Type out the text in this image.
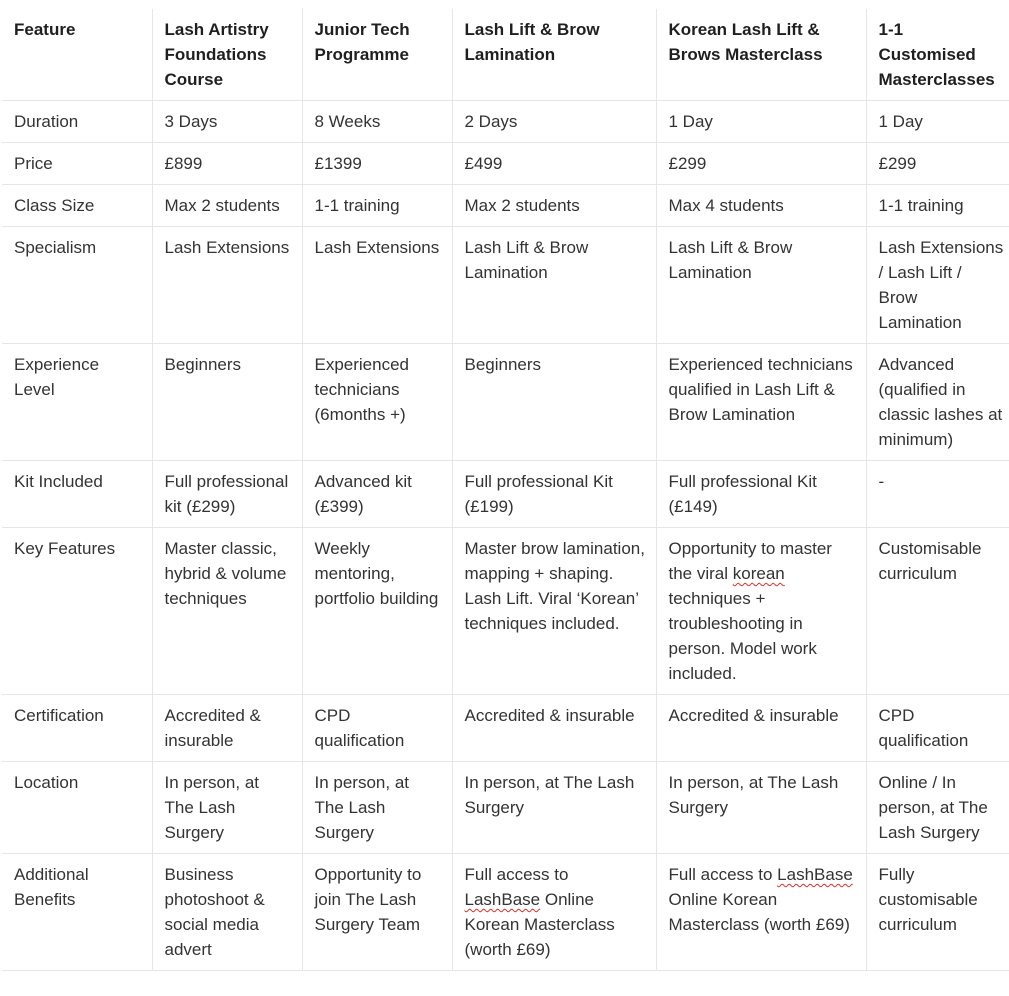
Feature	Lash Artistry Foundations Course	Junior Tech Programme	Lash Lift & Brow Lamination	Korean Lash Lift & Brows Masterclass	1-1 Customised Masterclasses
Duration	3 Days	8 Weeks	2 Days	1 Day	1 Day
Price	£899	£1399	£499	£299	£299
Class Size	Max 2 students	1-1 training	Max 2 students	Max 4 students	1-1 training
Specialism	Lash Extensions	Lash Extensions	Lash Lift & Brow Lamination	Lash Lift & Brow Lamination	Lash Extensions / Lash Lift / Brow Lamination
Experience Level	Beginners	Experienced technicians (6months +)	Beginners	Experienced technicians qualified in Lash Lift & Brow Lamination	Advanced (qualified in classic lashes at minimum)
Kit Included	Full professional kit (£299)	Advanced kit (£399)	Full professional Kit (£199)	Full professional Kit (£149)	-
Key Features	Master classic, hybrid & volume techniques	Weekly mentoring, portfolio building	Master brow lamination, mapping + shaping. Lash Lift. Viral ‘Korean’ techniques included.	Opportunity to master the viral korean techniques + troubleshooting in person. Model work included.	Customisable curriculum
Certification	Accredited & insurable	CPD qualification	Accredited & insurable	Accredited & insurable	CPD qualification
Location	In person, at The Lash Surgery	In person, at The Lash Surgery	In person, at The Lash Surgery	In person, at The Lash Surgery	Online / In person, at The Lash Surgery
Additional Benefits	Business photoshoot & social media advert	Opportunity to join The Lash Surgery Team	Full access to LashBase Online Korean Masterclass (worth £69)	Full access to LashBase Online Korean Masterclass (worth £69)	Fully customisable curriculum
